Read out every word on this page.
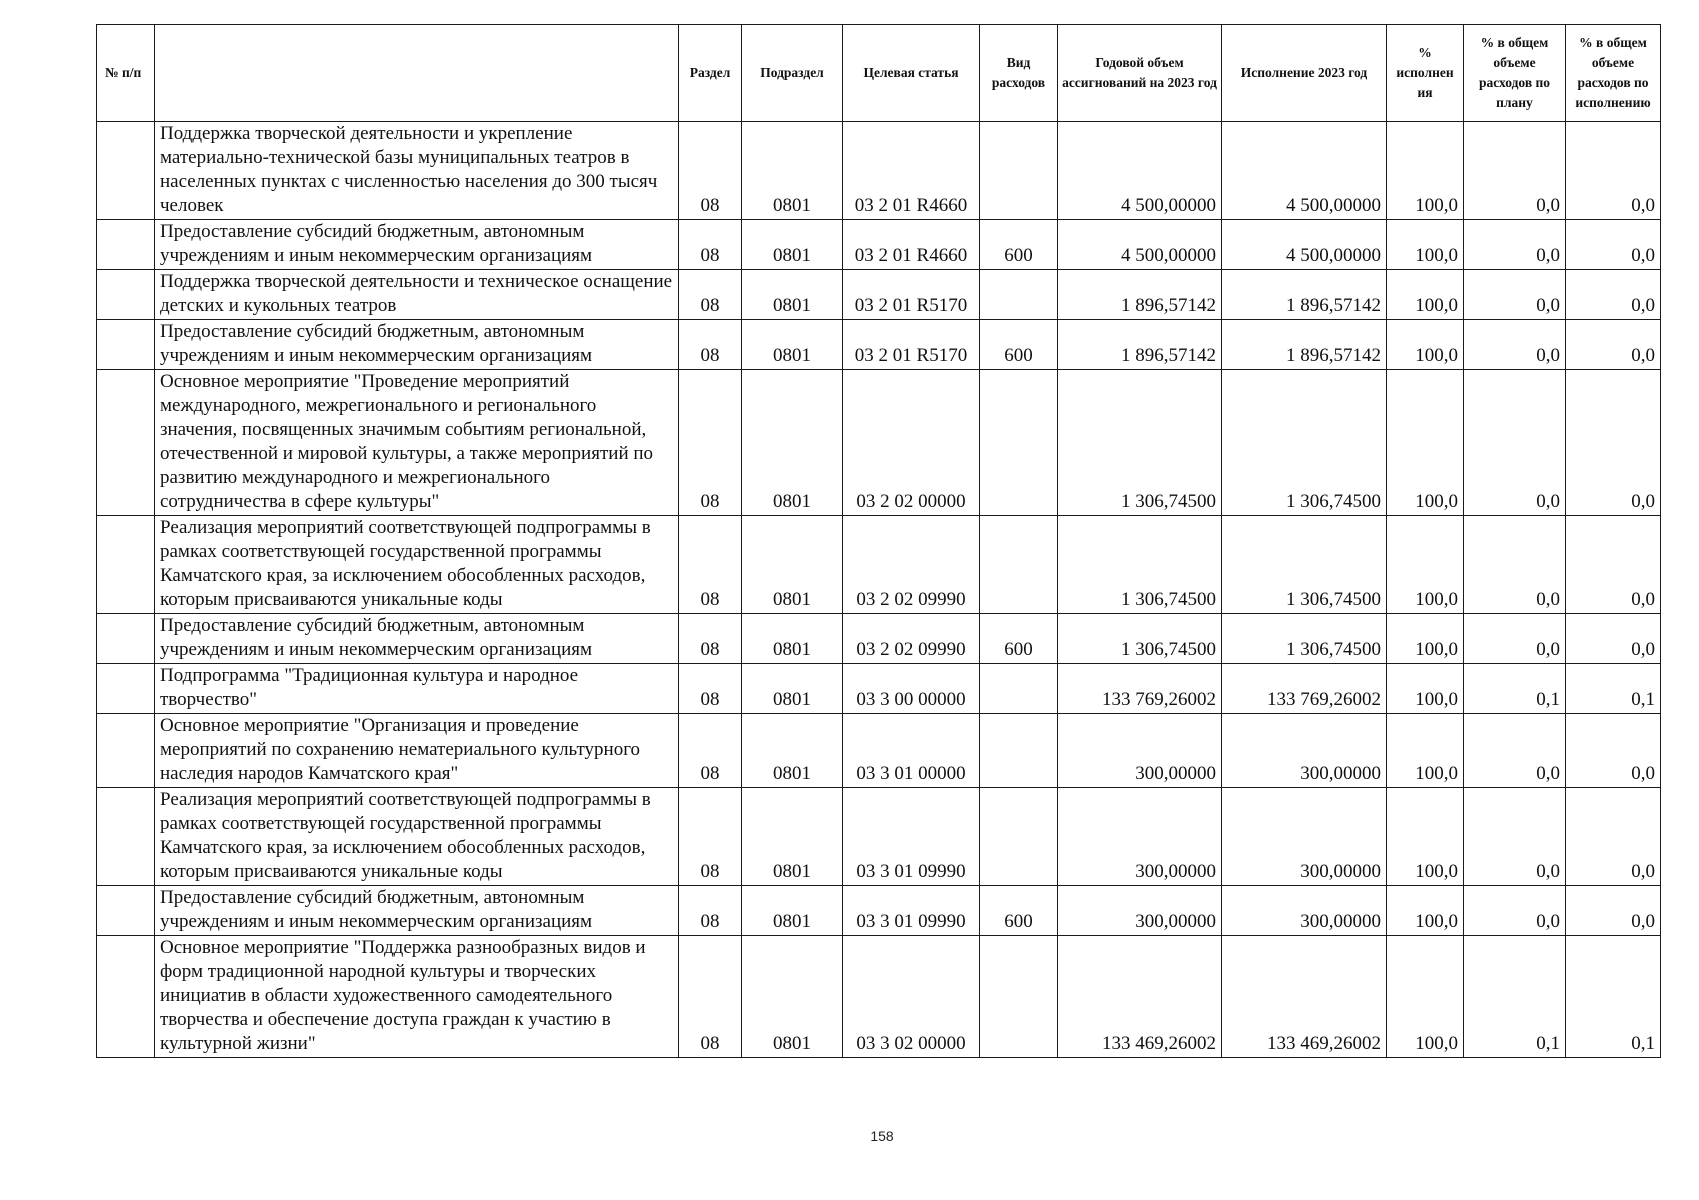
№ п/п		Раздел	Подраздел	Целевая статья	Вид расходов	Годовой объем ассигнований на 2023 год	Исполнение 2023 год	% исполнен ия	% в общем объеме расходов по плану	% в общем объеме расходов по исполнению
	Поддержка творческой деятельности и укрепление материально-технической базы муниципальных театров в населенных пунктах с численностью населения до 300 тысяч человек	08	0801	03 2 01 R4660		4 500,00000	4 500,00000	100,0	0,0	0,0
	Предоставление субсидий бюджетным, автономным учреждениям и иным некоммерческим организациям	08	0801	03 2 01 R4660	600	4 500,00000	4 500,00000	100,0	0,0	0,0
	Поддержка творческой деятельности и техническое оснащение детских и кукольных театров	08	0801	03 2 01 R5170		1 896,57142	1 896,57142	100,0	0,0	0,0
	Предоставление субсидий бюджетным, автономным учреждениям и иным некоммерческим организациям	08	0801	03 2 01 R5170	600	1 896,57142	1 896,57142	100,0	0,0	0,0
	Основное мероприятие "Проведение мероприятий международного, межрегионального и регионального значения, посвященных значимым событиям региональной, отечественной и мировой культуры, а также мероприятий по развитию международного и межрегионального сотрудничества в сфере культуры"	08	0801	03 2 02 00000		1 306,74500	1 306,74500	100,0	0,0	0,0
	Реализация мероприятий соответствующей подпрограммы в рамках соответствующей государственной программы Камчатского края, за исключением обособленных расходов, которым присваиваются уникальные коды	08	0801	03 2 02 09990		1 306,74500	1 306,74500	100,0	0,0	0,0
	Предоставление субсидий бюджетным, автономным учреждениям и иным некоммерческим организациям	08	0801	03 2 02 09990	600	1 306,74500	1 306,74500	100,0	0,0	0,0
	Подпрограмма "Традиционная культура и народное творчество"	08	0801	03 3 00 00000		133 769,26002	133 769,26002	100,0	0,1	0,1
	Основное мероприятие "Организация и проведение мероприятий по сохранению нематериального культурного наследия народов Камчатского края"	08	0801	03 3 01 00000		300,00000	300,00000	100,0	0,0	0,0
	Реализация мероприятий соответствующей подпрограммы в рамках соответствующей государственной программы Камчатского края, за исключением обособленных расходов, которым присваиваются уникальные коды	08	0801	03 3 01 09990		300,00000	300,00000	100,0	0,0	0,0
	Предоставление субсидий бюджетным, автономным учреждениям и иным некоммерческим организациям	08	0801	03 3 01 09990	600	300,00000	300,00000	100,0	0,0	0,0
	Основное мероприятие "Поддержка разнообразных видов и форм традиционной народной культуры и творческих инициатив в области художественного самодеятельного творчества и обеспечение доступа граждан к участию в культурной жизни"	08	0801	03 3 02 00000		133 469,26002	133 469,26002	100,0	0,1	0,1
158
